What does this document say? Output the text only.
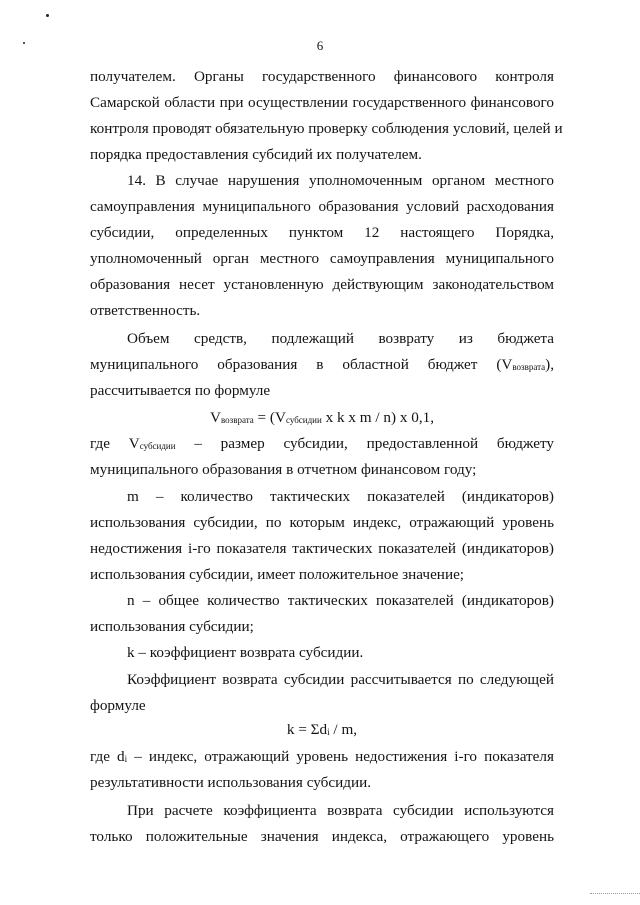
6
получателем. Органы государственного финансового контроля
Самарской области при осуществлении государственного финансового
контроля проводят обязательную проверку соблюдения условий, целей и
порядка предоставления субсидий их получателем.
14. В случае нарушения уполномоченным органом местного
самоуправления муниципального образования условий расходования
субсидии, определенных пунктом 12 настоящего Порядка,
уполномоченный орган местного самоуправления муниципального
образования несет установленную действующим законодательством
ответственность.
Объем средств, подлежащий возврату из бюджета
муниципального образования в областной бюджет (Vвозврата),
рассчитывается по формуле
Vвозврата = (Vсубсидии x k x m / n) x 0,1,
где Vсубсидии – размер субсидии, предоставленной бюджету
муниципального образования в отчетном финансовом году;
m – количество тактических показателей (индикаторов)
использования субсидии, по которым индекс, отражающий уровень
недостижения i-го показателя тактических показателей (индикаторов)
использования субсидии, имеет положительное значение;
n – общее количество тактических показателей (индикаторов)
использования субсидии;
k – коэффициент возврата субсидии.
Коэффициент возврата субсидии рассчитывается по следующей
формуле
k = Σdi / m,
где di – индекс, отражающий уровень недостижения i-го показателя
результативности использования субсидии.
При расчете коэффициента возврата субсидии используются
только положительные значения индекса, отражающего уровень
